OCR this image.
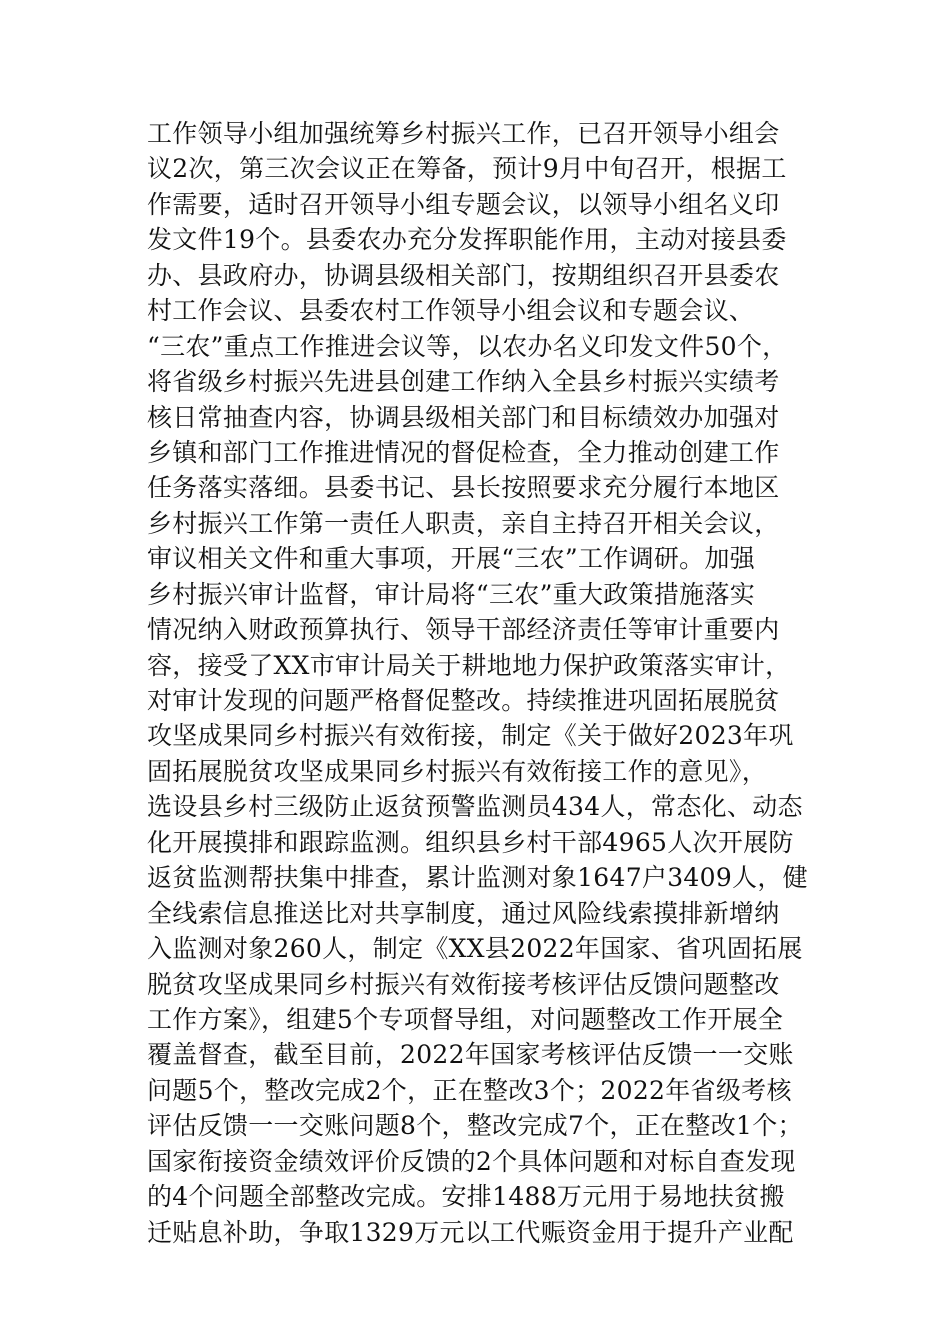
工作领导小组加强统筹乡村振兴工作，已召开领导小组会
议2次，第三次会议正在筹备，预计9月中旬召开，根据工
作需要，适时召开领导小组专题会议，以领导小组名义印
发文件19个。县委农办充分发挥职能作用，主动对接县委
办、县政府办，协调县级相关部门，按期组织召开县委农
村工作会议、县委农村工作领导小组会议和专题会议、
“三农”重点工作推进会议等，以农办名义印发文件50个，
将省级乡村振兴先进县创建工作纳入全县乡村振兴实绩考
核日常抽查内容，协调县级相关部门和目标绩效办加强对
乡镇和部门工作推进情况的督促检查，全力推动创建工作
任务落实落细。县委书记、县长按照要求充分履行本地区
乡村振兴工作第一责任人职责，亲自主持召开相关会议，
审议相关文件和重大事项，开展“三农”工作调研。加强
乡村振兴审计监督，审计局将“三农”重大政策措施落实
情况纳入财政预算执行、领导干部经济责任等审计重要内
容，接受了XX市审计局关于耕地地力保护政策落实审计，
对审计发现的问题严格督促整改。持续推进巩固拓展脱贫
攻坚成果同乡村振兴有效衔接，制定《关于做好2023年巩
固拓展脱贫攻坚成果同乡村振兴有效衔接工作的意见》，
选设县乡村三级防止返贫预警监测员434人，常态化、动态
化开展摸排和跟踪监测。组织县乡村干部4965人次开展防
返贫监测帮扶集中排查，累计监测对象1647户3409人，健
全线索信息推送比对共享制度，通过风险线索摸排新增纳
入监测对象260人，制定《XX县2022年国家、省巩固拓展
脱贫攻坚成果同乡村振兴有效衔接考核评估反馈问题整改
工作方案》，组建5个专项督导组，对问题整改工作开展全
覆盖督查，截至目前，2022年国家考核评估反馈一一交账
问题5个，整改完成2个，正在整改3个；2022年省级考核
评估反馈一一交账问题8个，整改完成7个，正在整改1个；
国家衔接资金绩效评价反馈的2个具体问题和对标自查发现
的4个问题全部整改完成。安排1488万元用于易地扶贫搬
迁贴息补助，争取1329万元以工代赈资金用于提升产业配
